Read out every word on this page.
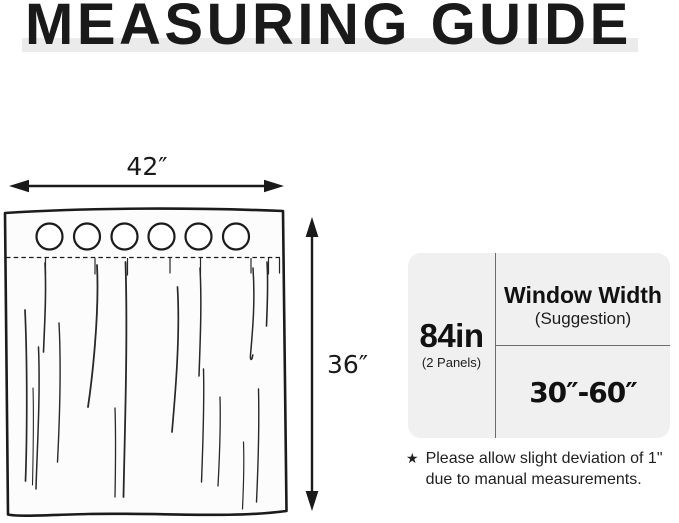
MEASURING GUIDE
42″
36″
84in
(2 Panels)
Window Width
(Suggestion)
30″-60″
★ Please allow slight deviation of 1"
due to manual measurements.
